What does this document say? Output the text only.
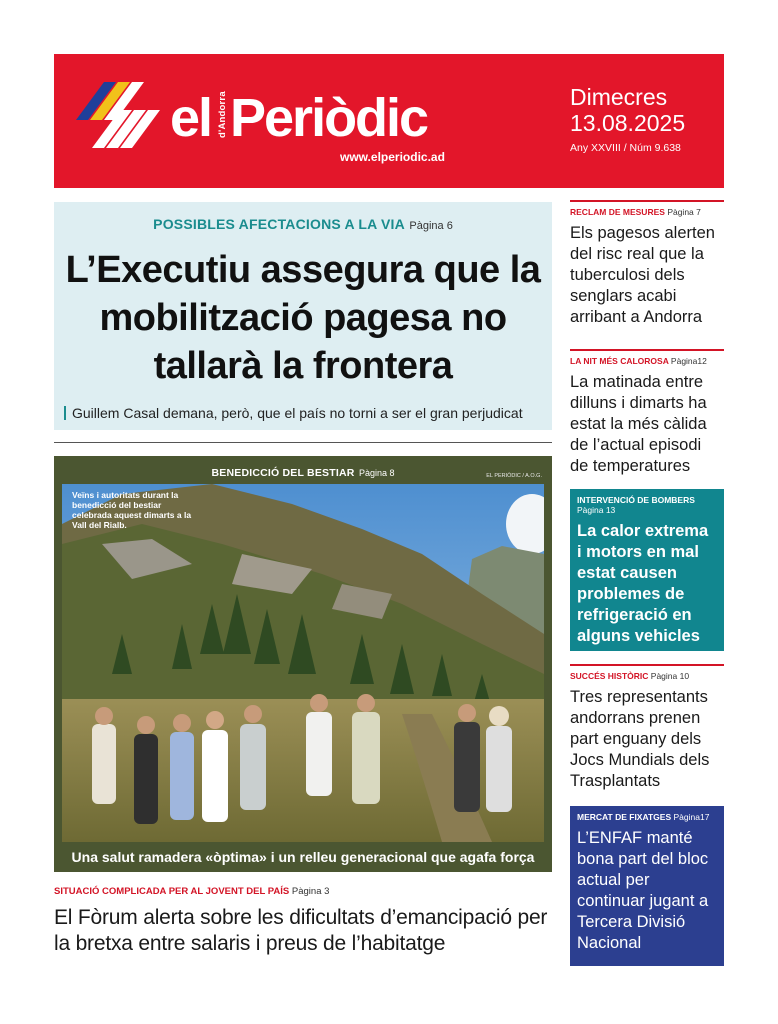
el d'Andorra Periòdic
www.elperiodic.ad
Dimecres
13.08.2025
Any XXVIII / Núm 9.638
POSSIBLES AFECTACIONS A LA VIA Pàgina 6
L’Executiu assegura que la mobilització pagesa no tallarà la frontera
Guillem Casal demana, però, que el país no torni a ser el gran perjudicat
BENEDICCIÓ DEL BESTIAR Pàgina 8	EL PERIÒDIC / A.O.G.
Veïns i autoritats durant la benedicció del bestiar celebrada aquest dimarts a la Vall del Rialb.
Una salut ramadera «òptima» i un relleu generacional que agafa força
SITUACIÓ COMPLICADA PER AL JOVENT DEL PAÍS Pàgina 3
El Fòrum alerta sobre les dificultats d’emancipació per la bretxa entre salaris i preus de l’habitatge
RECLAM DE MESURES Pàgina 7
Els pagesos alerten del risc real que la tuberculosi dels senglars acabi arribant a Andorra
LA NIT MÉS CALOROSA Pàgina12
La matinada entre dilluns i dimarts ha estat la més càlida de l’actual episodi de temperatures
INTERVENCIÓ DE BOMBERS
Pàgina 13
La calor extrema i motors en mal estat causen problemes de refrigeració en alguns vehicles
SUCCÉS HISTÒRIC Pàgina 10
Tres representants andorrans prenen part enguany dels Jocs Mundials dels Trasplantats
MERCAT DE FIXATGES Pàgina17
L’ENFAF manté bona part del bloc actual per continuar jugant a Tercera Divisió Nacional
